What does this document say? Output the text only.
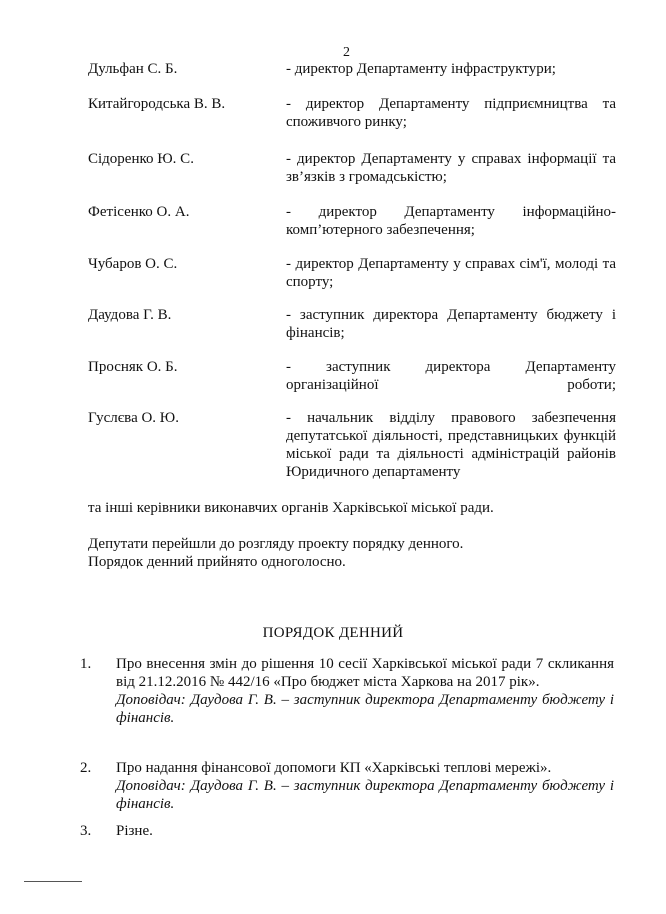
2
Дульфан С. Б.	- директор Департаменту інфраструктури;
Китайгородська В. В.	- директор Департаменту підприємництва та споживчого ринку;
Сідоренко Ю. С.	- директор Департаменту у справах інформації та зв’язків з громадськістю;
Фетісенко О. А.	- директор Департаменту інформаційно-комп’ютерного забезпечення;
Чубаров О. С.	- директор Департаменту у справах сім'ї, молоді та спорту;
Даудова Г. В.	- заступник директора Департаменту бюджету і фінансів;
Просняк О. Б.	- заступник директора Департаменту організаційної роботи;
Гуслєва О. Ю.	- начальник відділу правового забезпечення депутатської діяльності, представницьких функцій міської ради та діяльності адміністрацій районів Юридичного департаменту
та інші керівники виконавчих органів Харківської міської ради.
Депутати перейшли до розгляду проекту порядку денного.
Порядок денний прийнято одноголосно.
ПОРЯДОК ДЕННИЙ
1. Про внесення змін до рішення 10 сесії Харківської міської ради 7 скликання від 21.12.2016 № 442/16 «Про бюджет міста Харкова на 2017 рік».
Доповідач: Даудова Г. В. – заступник директора Департаменту бюджету і фінансів.
2. Про надання фінансової допомоги КП «Харківські теплові мережі».
Доповідач: Даудова Г. В. – заступник директора Департаменту бюджету і фінансів.
3. Різне.
